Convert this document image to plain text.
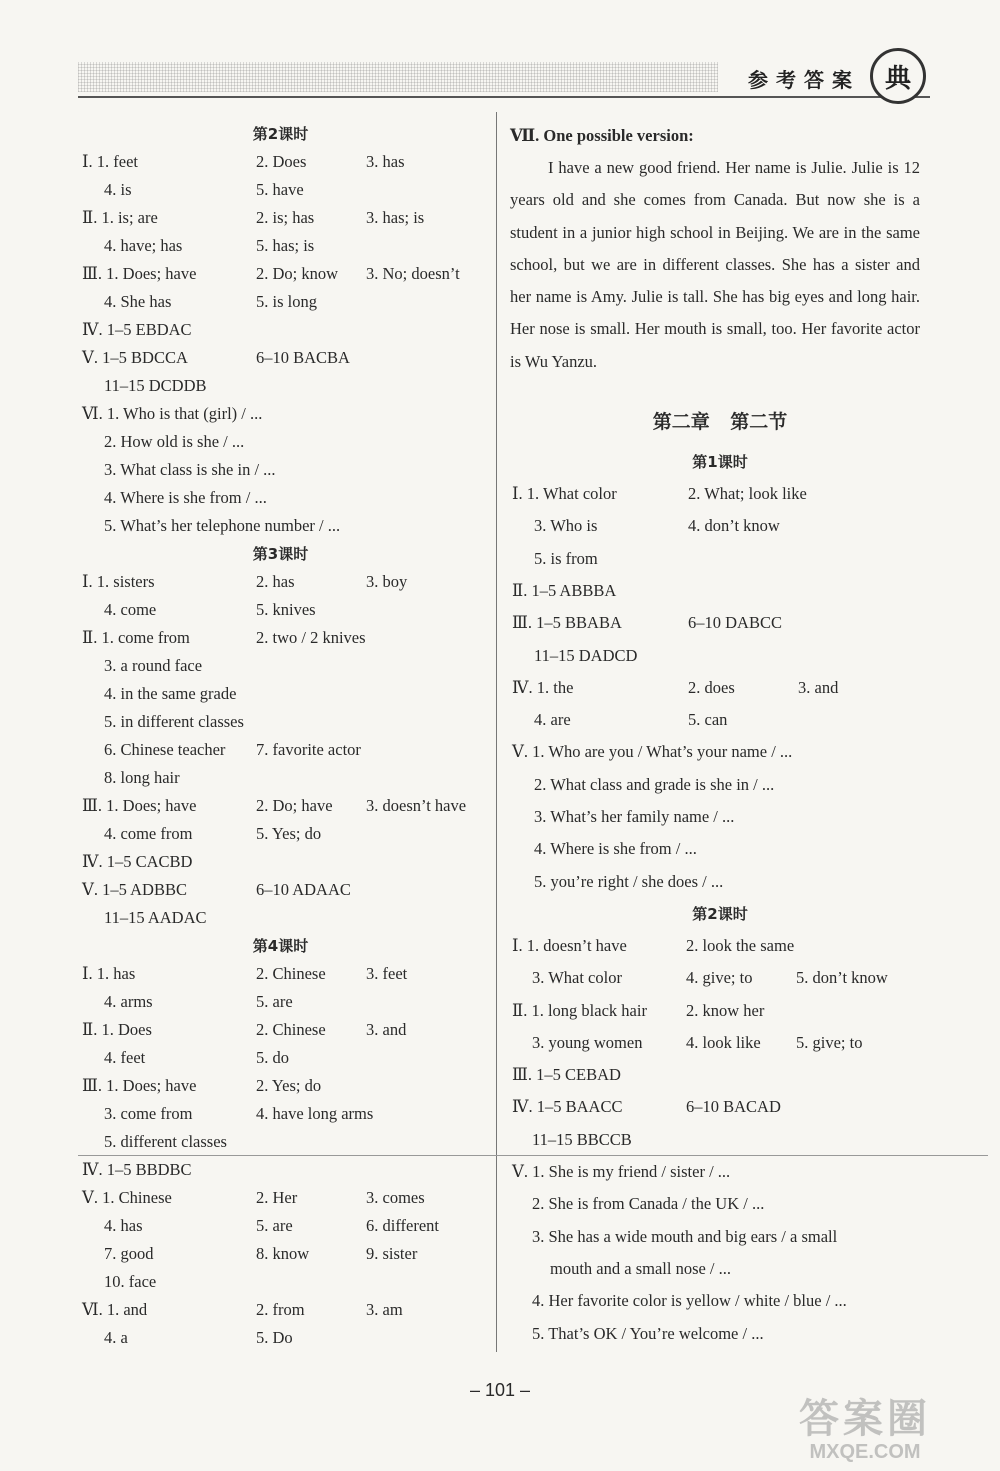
参考答案 典
第2课时
Ⅰ. 1. feet	2. Does	3. has
4. is	5. have
Ⅱ. 1. is; are	2. is; has	3. has; is
4. have; has	5. has; is
Ⅲ. 1. Does; have	2. Do; know 3. No; doesn’t
4. She has	5. is long
Ⅳ. 1–5 EBDAC
Ⅴ. 1–5 BDCCA	6–10 BACBA
11–15 DCDDB
Ⅵ. 1. Who is that (girl) / ...
2. How old is she / ...
3. What class is she in / ...
4. Where is she from / ...
5. What’s her telephone number / ...
第3课时
Ⅰ. 1. sisters	2. has	3. boy
4. come	5. knives
Ⅱ. 1. come from	2. two / 2 knives
3. a round face
4. in the same grade
5. in different classes
6. Chinese teacher 7. favorite actor
8. long hair
Ⅲ. 1. Does; have	2. Do; have 3. doesn’t have
4. come from	5. Yes; do
Ⅳ. 1–5 CACBD
Ⅴ. 1–5 ADBBC	6–10 ADAAC
11–15 AADAC
第4课时
Ⅰ. 1. has	2. Chinese 3. feet
4. arms	5. are
Ⅱ. 1. Does	2. Chinese 3. and
4. feet	5. do
Ⅲ. 1. Does; have	2. Yes; do
3. come from	4. have long arms
5. different classes
Ⅳ. 1–5 BBDBC
Ⅴ. 1. Chinese	2. Her	3. comes
4. has	5. are	6. different
7. good	8. know	9. sister
10. face
Ⅵ. 1. and	2. from	3. am
4. a	5. Do
Ⅶ. One possible version:

I have a new good friend. Her name is Julie. Julie is 12 years old and she comes from Canada. But now she is a student in a junior high school in Beijing. We are in the same school, but we are in different classes. She has a sister and her name is Amy. Julie is tall. She has big eyes and long hair. Her nose is small. Her mouth is small, too. Her favorite actor is Wu Yanzu.

第二章 第二节
第1课时
Ⅰ. 1. What color	2. What; look like
3. Who is	4. don’t know
5. is from
Ⅱ. 1–5 ABBBA
Ⅲ. 1–5 BBABA	6–10 DABCC
11–15 DADCD
Ⅳ. 1. the	2. does	3. and
4. are	5. can
Ⅴ. 1. Who are you / What’s your name / ...
2. What class and grade is she in / ...
3. What’s her family name / ...
4. Where is she from / ...
5. you’re right / she does / ...
第2课时
Ⅰ. 1. doesn’t have	2. look the same
3. What color	4. give; to	5. don’t know
Ⅱ. 1. long black hair 2. know her
3. young women	4. look like 5. give; to
Ⅲ. 1–5 CEBAD
Ⅳ. 1–5 BAACC	6–10 BACAD
11–15 BBCCB
Ⅴ. 1. She is my friend / sister / ...
2. She is from Canada / the UK / ...
3. She has a wide mouth and big ears / a small
mouth and a small nose / ...
4. Her favorite color is yellow / white / blue / ...
5. That’s OK / You’re welcome / ...
– 101 –
答案圈
MXQE.COM
